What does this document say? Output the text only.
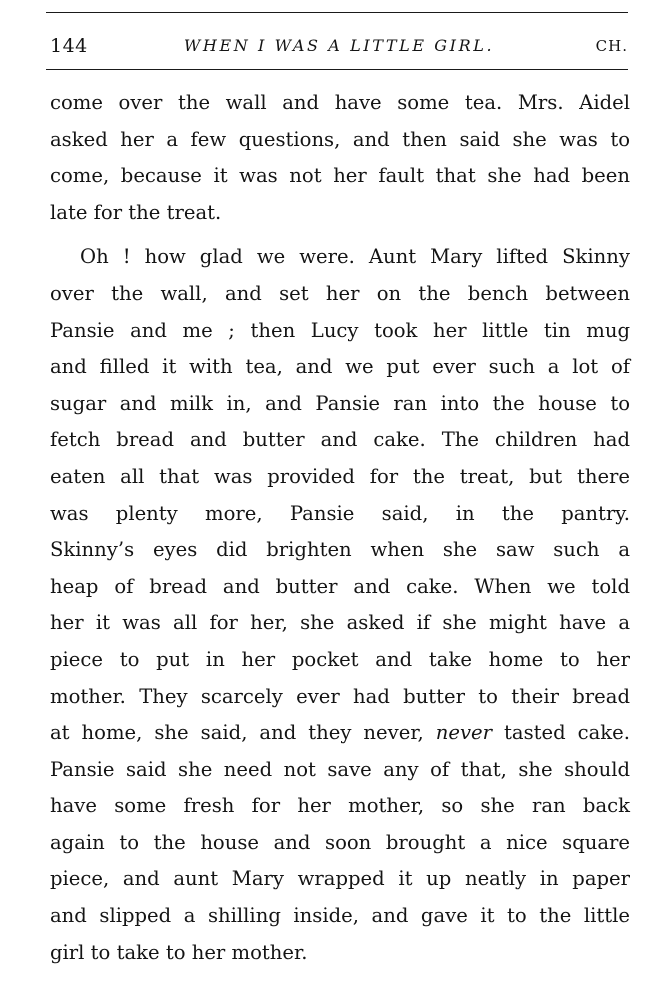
144	WHEN I WAS A LITTLE GIRL.	CH.
come over the wall and have some tea. Mrs. Aidel
asked her a few questions, and then said she was to
come, because it was not her fault that she had been
late for the treat.
Oh ! how glad we were. Aunt Mary lifted Skinny
over the wall, and set her on the bench between
Pansie and me ; then Lucy took her little tin mug
and filled it with tea, and we put ever such a lot of
sugar and milk in, and Pansie ran into the house to
fetch bread and butter and cake. The children had
eaten all that was provided for the treat, but there
was plenty more, Pansie said, in the pantry.
Skinny’s eyes did brighten when she saw such a
heap of bread and butter and cake. When we told
her it was all for her, she asked if she might have a
piece to put in her pocket and take home to her
mother. They scarcely ever had butter to their bread
at home, she said, and they never, never tasted cake.
Pansie said she need not save any of that, she should
have some fresh for her mother, so she ran back
again to the house and soon brought a nice square
piece, and aunt Mary wrapped it up neatly in paper
and slipped a shilling inside, and gave it to the little
girl to take to her mother.
